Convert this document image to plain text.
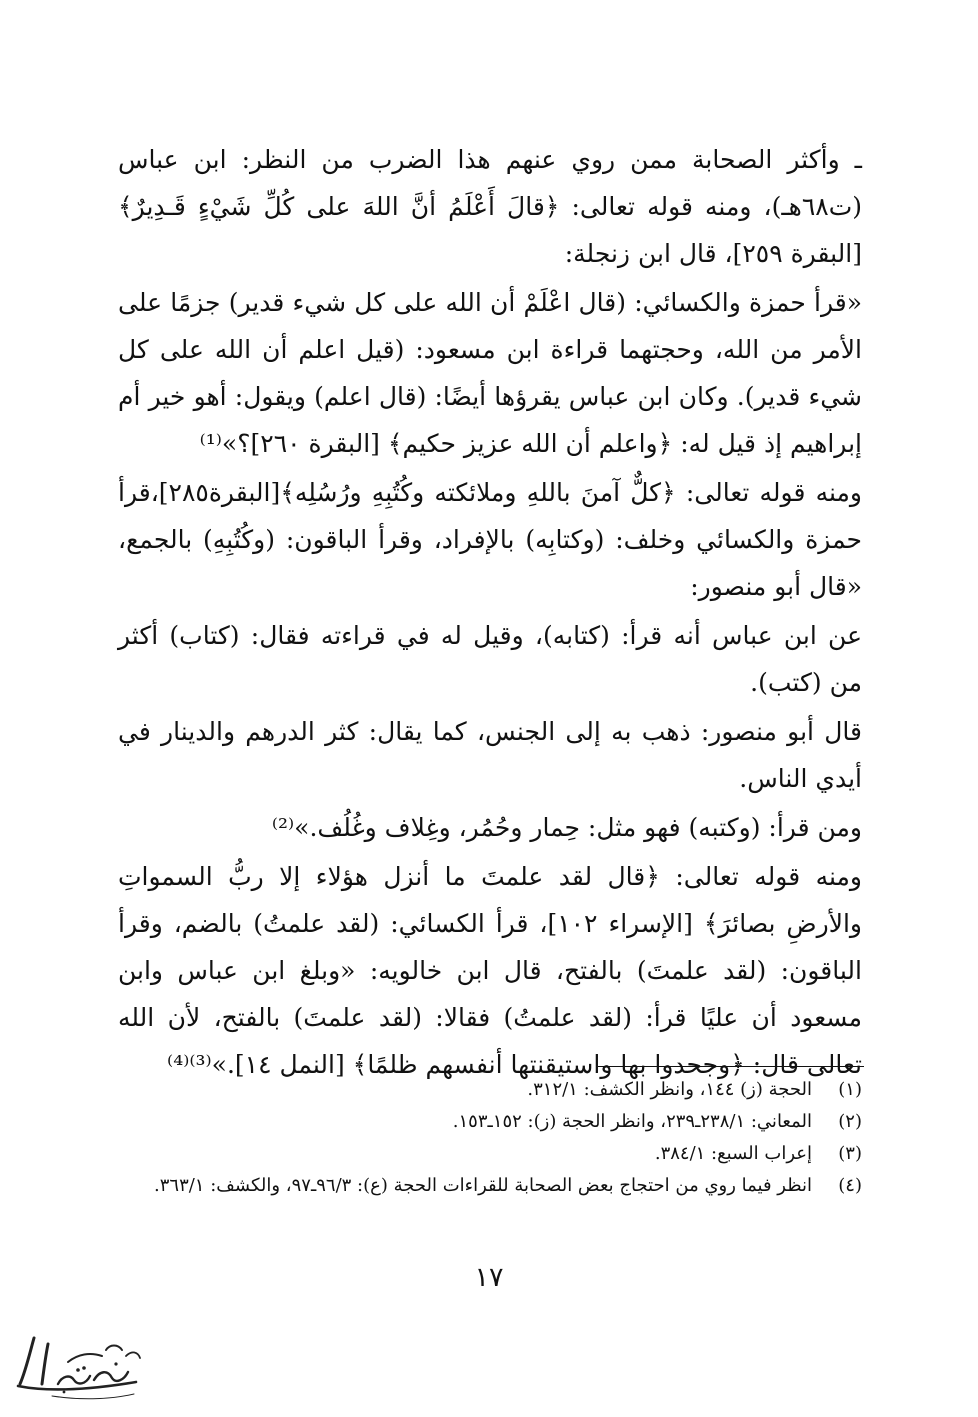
ـ وأكثر الصحابة ممن روي عنهم هذا الضرب من النظر: ابن عباس (ت٦٨هـ)، ومنه قوله تعالى: ﴿قالَ أَعْلَمُ أنَّ اللهَ على كُلِّ شَيْءٍ قَـدِيرٌ﴾ [البقرة ٢٥٩]، قال ابن زنجلة:

«قرأ حمزة والكسائي: (قال اعْلَمْ أن الله على كل شيء قدير) جزمًا على الأمر من الله، وحجتهما قراءة ابن مسعود: (قيل اعلم أن الله على كل شيء قدير). وكان ابن عباس يقرؤها أيضًا: (قال اعلم) ويقول: أهو خير أم إبراهيم إذ قيل له: ﴿واعلم أن الله عزيز حكيم﴾ [البقرة ٢٦٠]؟»⁽¹⁾

ومنه قوله تعالى: ﴿كلٌّ آمنَ باللهِ وملائكته وكُتُبِهِ ورُسُلِه﴾[البقرة٢٨٥]،قرأ حمزة والكسائي وخلف: (وكتابِه) بالإفراد، وقرأ الباقون: (وكُتُبِهِ) بالجمع، «قال أبو منصور:

عن ابن عباس أنه قرأ: (كتابه)، وقيل له في قراءته فقال: (كتاب) أكثر من (كتب).

قال أبو منصور: ذهب به إلى الجنس، كما يقال: كثر الدرهم والدينار في أيدي الناس.

ومن قرأ: (وكتبه) فهو مثل: حِمار وحُمُر، وغِلاف وغُلُف.»⁽²⁾

ومنه قوله تعالى: ﴿قال لقد علمتَ ما أنزل هؤلاء إلا ربُّ السمواتِ والأرضِ بصائرَ﴾ [الإسراء ١٠٢]، قرأ الكسائي: (لقد علمتُ) بالضم، وقرأ الباقون: (لقد علمتَ) بالفتح، قال ابن خالويه: «وبلغ ابن عباس وابن مسعود أن عليًا قرأ: (لقد علمتُ) فقالا: (لقد علمتَ) بالفتح، لأن الله تعالى قال: ﴿وجحدوا بها واستيقنتها أنفسهم ظلمًا﴾ [النمل ١٤].»⁽³⁾⁽⁴⁾

(١)
الحجة (ز) ١٤٤، وانظر الكشف: ٣١٢/١.
(٢)
المعاني: ٢٣٨/١ـ٢٣٩، وانظر الحجة (ز): ١٥٢ـ١٥٣.
(٣)
إعراب السبع: ٣٨٤/١.
(٤)
انظر فيما روي من احتجاج بعض الصحابة للقراءات الحجة (ع): ٩٦/٣ـ٩٧، والكشف: ٣٦٣/١.
١٧
